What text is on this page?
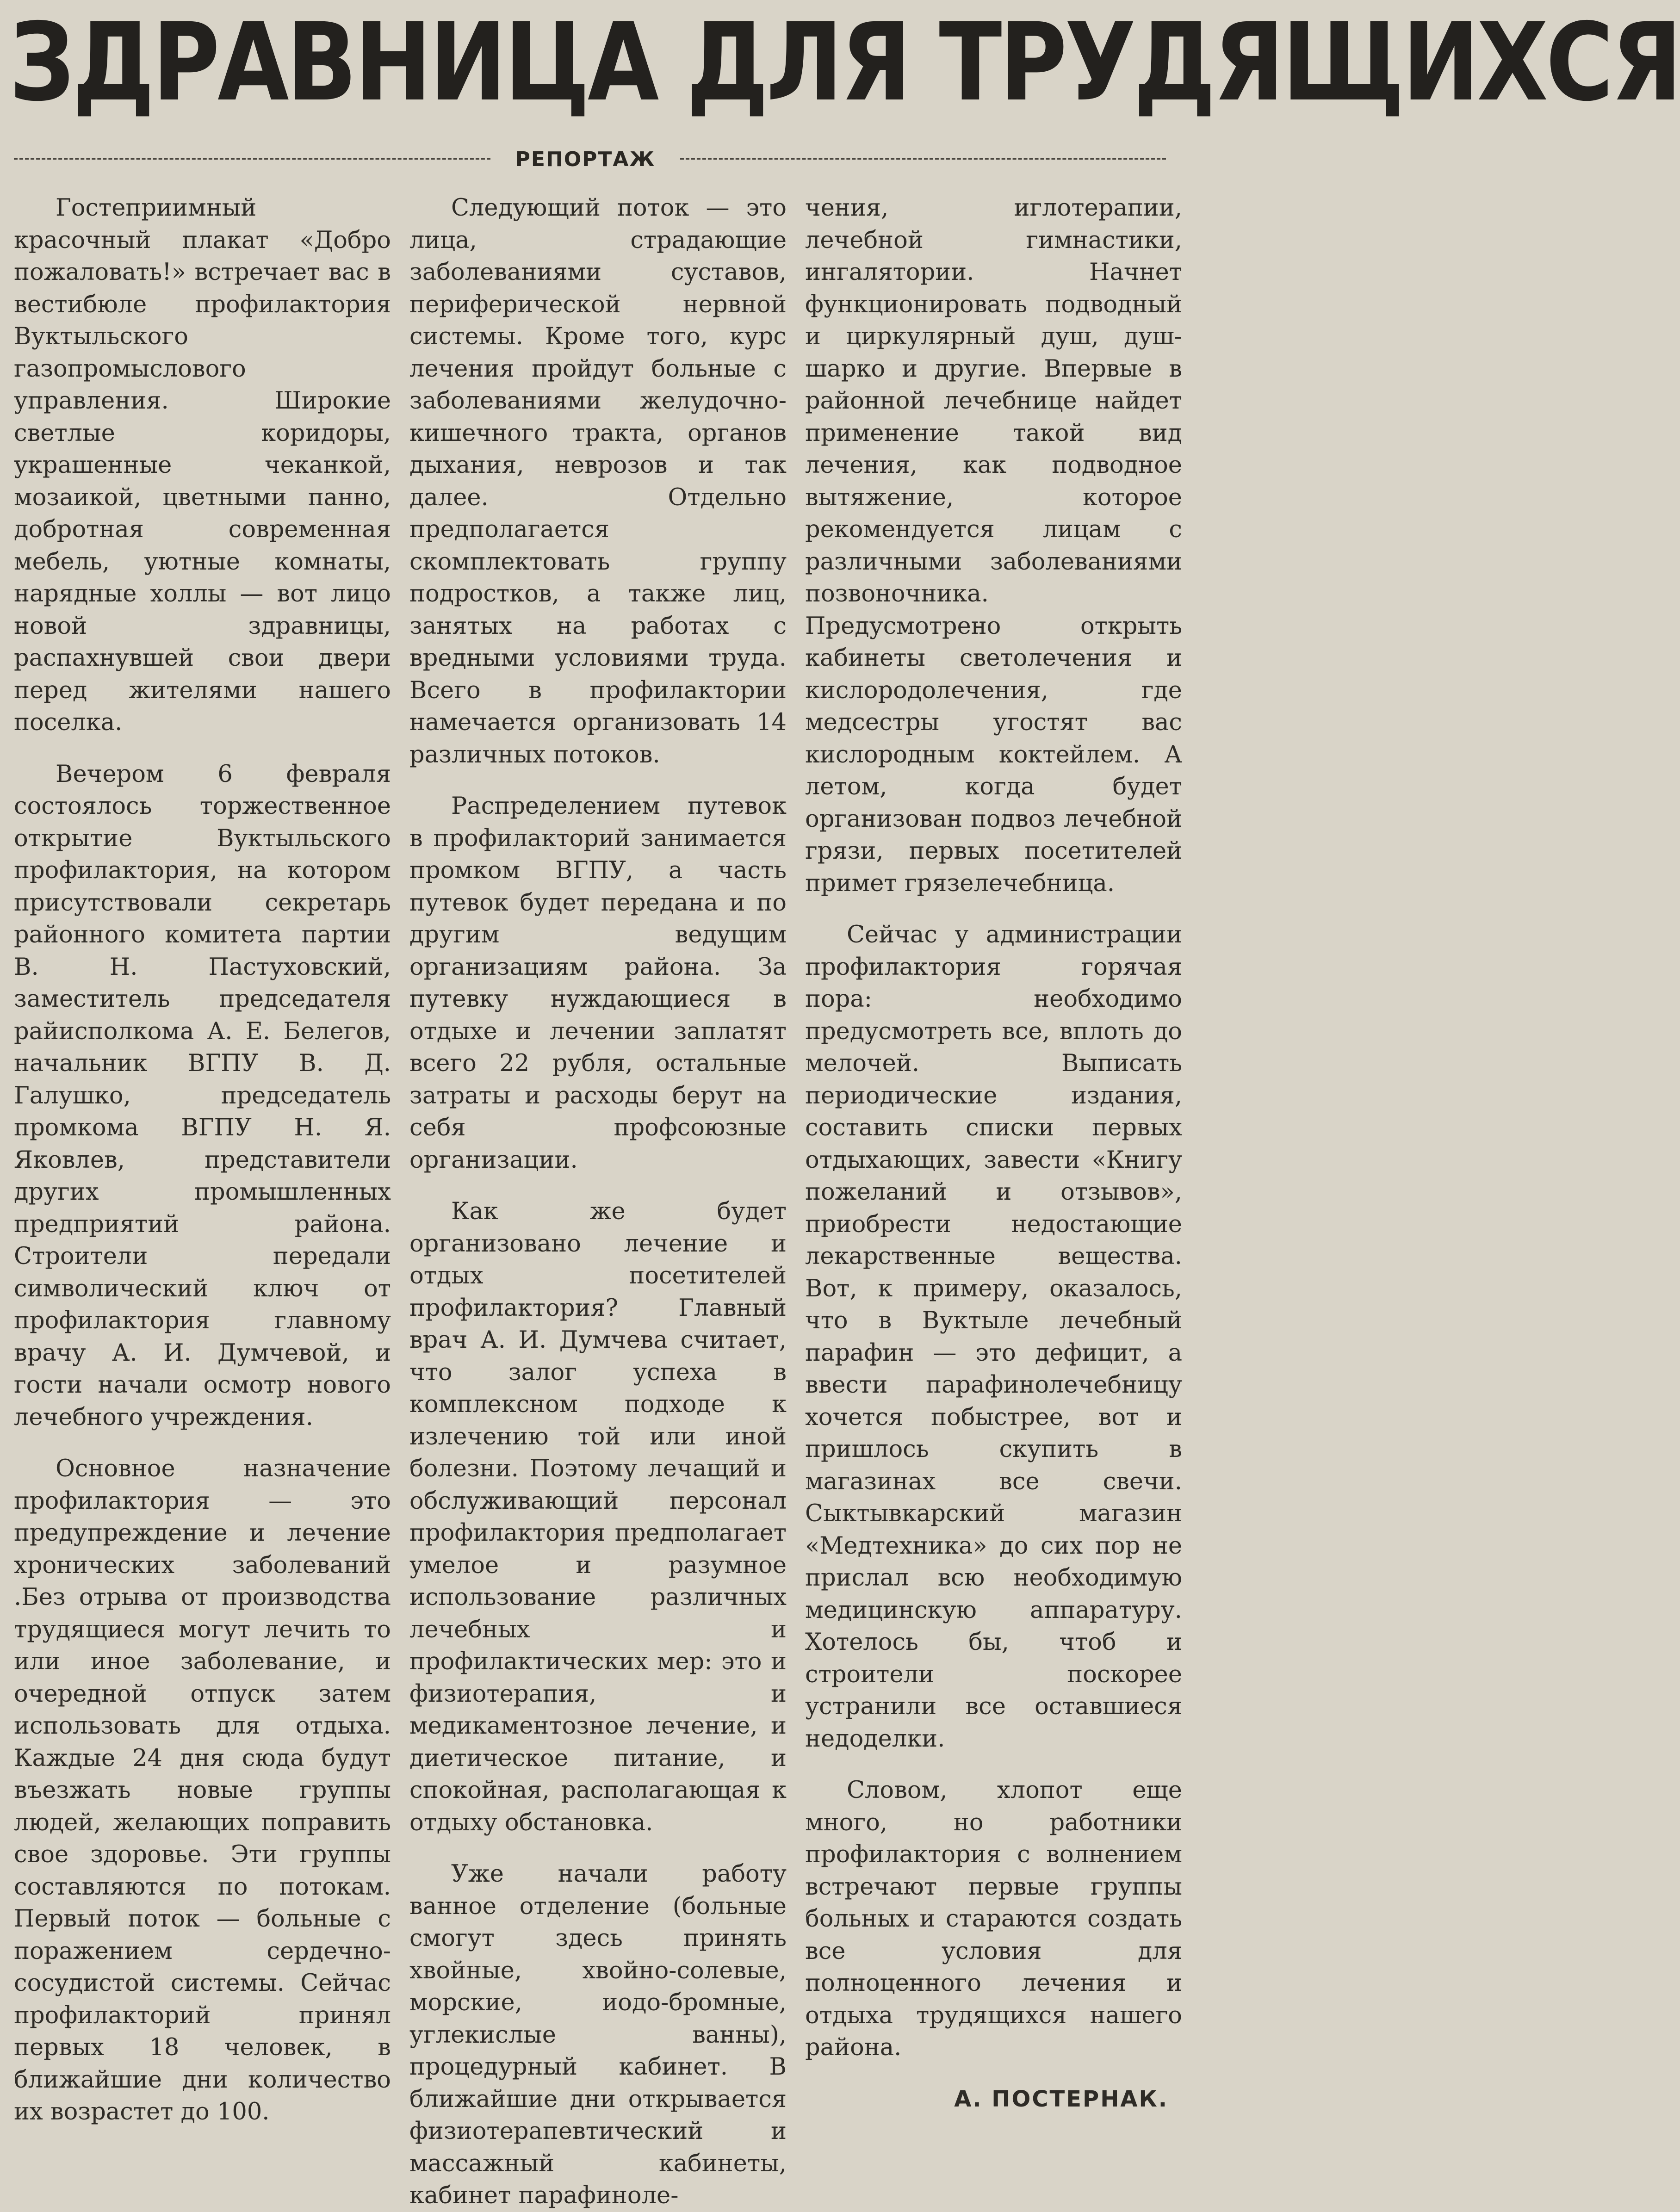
ЗДРАВНИЦА ДЛЯ ТРУДЯЩИХСЯ
РЕПОРТАЖ

Гостеприимный красочный плакат «Добро пожаловать!» встречает вас в вестибюле профилактория Вуктыльского газопромыслового управления. Широкие светлые коридоры, украшенные чеканкой, мозаикой, цветными панно, добротная современная мебель, уютные комнаты, нарядные холлы — вот лицо новой здравницы, распахнувшей свои двери перед жителями нашего поселка.

Вечером 6 февраля состоялось торжественное открытие Вуктыльского профилактория, на котором присутствовали секретарь районного комитета партии В. Н. Пастуховский, заместитель председателя райисполкома А. Е. Белегов, начальник ВГПУ В. Д. Галушко, председатель промкома ВГПУ Н. Я. Яковлев, представители других промышленных предприятий района. Строители передали символический ключ от профилактория главному врачу А. И. Думчевой, и гости начали осмотр нового лечебного учреждения.

Основное назначение профилактория — это предупреждение и лечение хронических заболеваний .Без отрыва от производства трудящиеся могут лечить то или иное заболевание, и очередной отпуск затем использовать для отдыха. Каждые 24 дня сюда будут въезжать новые группы людей, желающих поправить свое здоровье. Эти группы составляются по потокам. Первый поток — больные с поражением сердечно-сосудистой системы. Сейчас профилакторий принял первых 18 человек, в ближайшие дни количество их возрастет до 100.

Следующий поток — это лица, страдающие заболеваниями суставов, периферической нервной системы. Кроме того, курс лечения пройдут больные с заболеваниями желудочно-кишечного тракта, органов дыхания, неврозов и так далее. Отдельно предполагается скомплектовать группу подростков, а также лиц, занятых на работах с вредными условиями труда. Всего в профилактории намечается организовать 14 различных потоков.

Распределением путевок в профилакторий занимается промком ВГПУ, а часть путевок будет передана и по другим ведущим организациям района. За путевку нуждающиеся в отдыхе и лечении заплатят всего 22 рубля, остальные затраты и расходы берут на себя профсоюзные организации.

Как же будет организовано лечение и отдых посетителей профилактория? Главный врач А. И. Думчева считает, что залог успеха в комплексном подходе к излечению той или иной болезни. Поэтому лечащий и обслуживающий персонал профилактория предполагает умелое и разумное использование различных лечебных и профилактических мер: это и физиотерапия, и медикаментозное лечение, и диетическое питание, и спокойная, располагающая к отдыху обстановка.

Уже начали работу ванное отделение (больные смогут здесь принять хвойные, хвойно-солевые, морские, иодо-бромные, углекислые ванны), процедурный кабинет. В ближайшие дни открывается физиотерапевтический и массажный кабинеты, кабинет парафиноле-

чения, иглотерапии, лечебной гимнастики, ингалятории. Начнет функционировать подводный и циркулярный душ, душ-шарко и другие. Впервые в районной лечебнице найдет применение такой вид лечения, как подводное вытяжение, которое рекомендуется лицам с различными заболеваниями позвоночника. Предусмотрено открыть кабинеты светолечения и кислородолечения, где медсестры угостят вас кислородным коктейлем. А летом, когда будет организован подвоз лечебной грязи, первых посетителей примет грязелечебница.

Сейчас у администрации профилактория горячая пора: необходимо предусмотреть все, вплоть до мелочей. Выписать периодические издания, составить списки первых отдыхающих, завести «Книгу пожеланий и отзывов», приобрести недостающие лекарственные вещества. Вот, к примеру, оказалось, что в Вуктыле лечебный парафин — это дефицит, а ввести парафинолечебницу хочется побыстрее, вот и пришлось скупить в магазинах все свечи. Сыктывкарский магазин «Медтехника» до сих пор не прислал всю необходимую медицинскую аппаратуру. Хотелось бы, чтоб и строители поскорее устранили все оставшиеся недоделки.

Словом, хлопот еще много, но работники профилактория с волнением встречают первые группы больных и стараются создать все условия для полноценного лечения и отдыха трудящихся нашего района.

А. ПОСТЕРНАК.
